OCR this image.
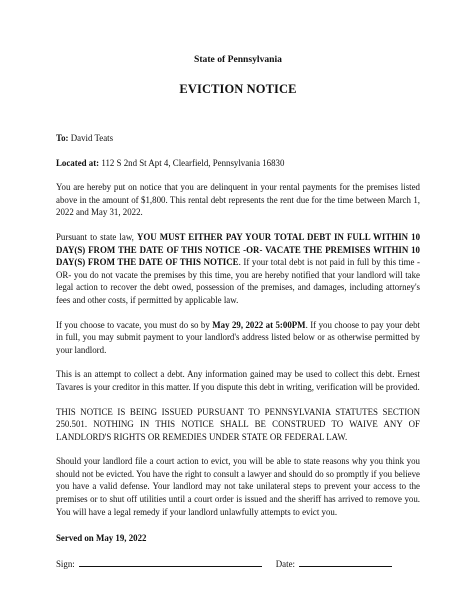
State of Pennsylvania
EVICTION NOTICE

To: David Teats

Located at: 112 S 2nd St Apt 4, Clearfield, Pennsylvania 16830

You are hereby put on notice that you are delinquent in your rental payments for the premises listed above in the amount of $1,800. This rental debt represents the rent due for the time between March 1, 2022 and May 31, 2022.

Pursuant to state law, YOU MUST EITHER PAY YOUR TOTAL DEBT IN FULL WITHIN 10 DAY(S) FROM THE DATE OF THIS NOTICE -OR- VACATE THE PREMISES WITHIN 10 DAY(S) FROM THE DATE OF THIS NOTICE. If your total debt is not paid in full by this time -OR- you do not vacate the premises by this time, you are hereby notified that your landlord will take legal action to recover the debt owed, possession of the premises, and damages, including attorney's fees and other costs, if permitted by applicable law.

If you choose to vacate, you must do so by May 29, 2022 at 5:00PM. If you choose to pay your debt in full, you may submit payment to your landlord's address listed below or as otherwise permitted by your landlord.

This is an attempt to collect a debt. Any information gained may be used to collect this debt. Ernest Tavares is your creditor in this matter. If you dispute this debt in writing, verification will be provided.

THIS NOTICE IS BEING ISSUED PURSUANT TO PENNSYLVANIA STATUTES SECTION 250.501. NOTHING IN THIS NOTICE SHALL BE CONSTRUED TO WAIVE ANY OF LANDLORD'S RIGHTS OR REMEDIES UNDER STATE OR FEDERAL LAW.

Should your landlord file a court action to evict, you will be able to state reasons why you think you should not be evicted. You have the right to consult a lawyer and should do so promptly if you believe you have a valid defense. Your landlord may not take unilateral steps to prevent your access to the premises or to shut off utilities until a court order is issued and the sheriff has arrived to remove you. You will have a legal remedy if your landlord unlawfully attempts to evict you.

Served on May 19, 2022

Sign:	Date:
